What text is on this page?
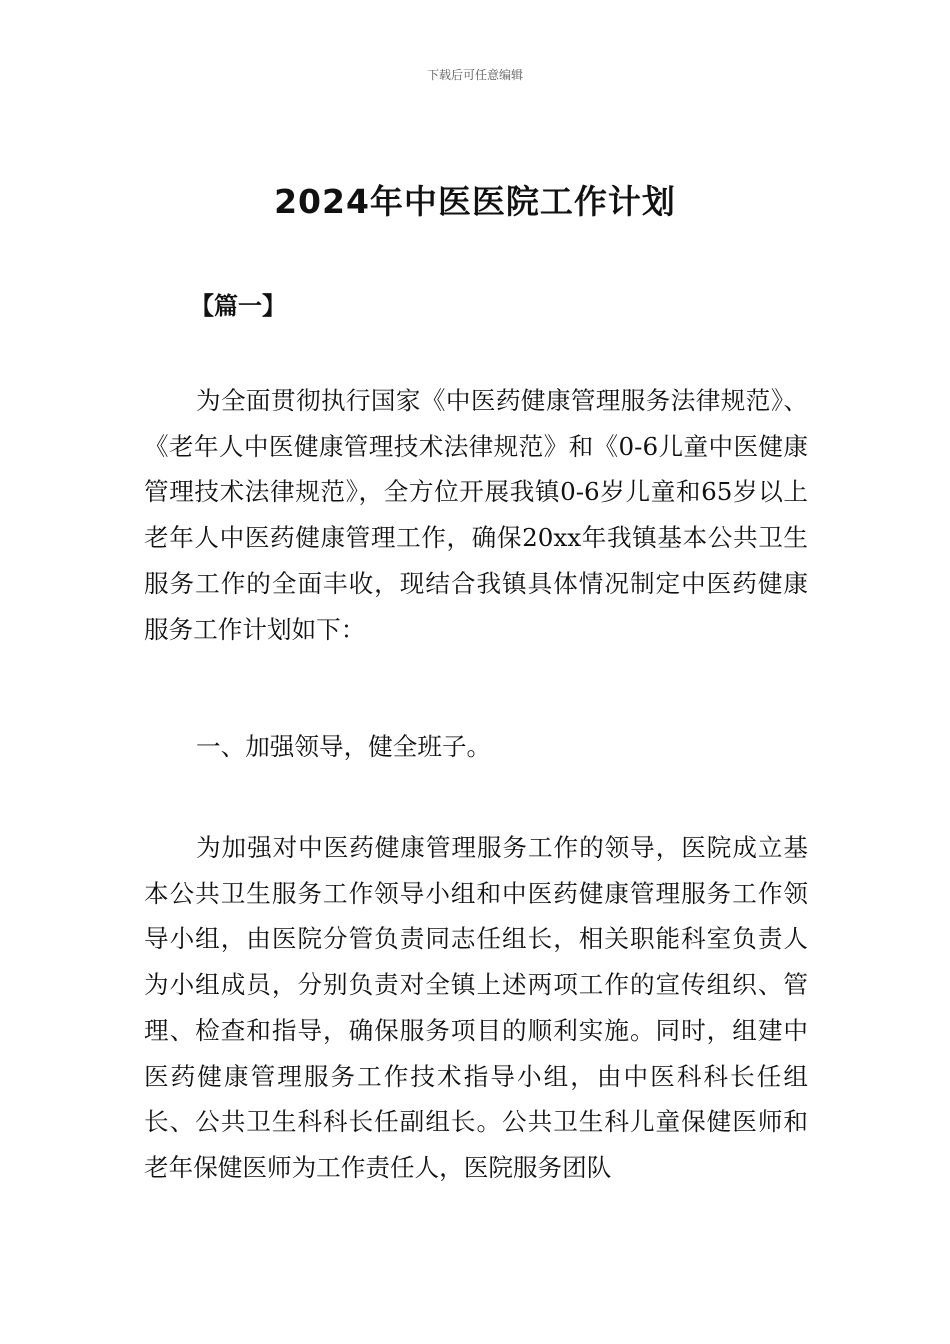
下载后可任意编辑
2024年中医医院工作计划
【篇一】

为全面贯彻执行国家《中医药健康管理服务法律规范》、《老年人中医健康管理技术法律规范》和《0-6儿童中医健康管理技术法律规范》，全方位开展我镇0-6岁儿童和65岁以上老年人中医药健康管理工作，确保20xx年我镇基本公共卫生服务工作的全面丰收，现结合我镇具体情况制定中医药健康服务工作计划如下：

一、加强领导，健全班子。

为加强对中医药健康管理服务工作的领导，医院成立基本公共卫生服务工作领导小组和中医药健康管理服务工作领导小组，由医院分管负责同志任组长，相关职能科室负责人为小组成员，分别负责对全镇上述两项工作的宣传组织、管理、检查和指导，确保服务项目的顺利实施。同时，组建中医药健康管理服务工作技术指导小组，由中医科科长任组长、公共卫生科科长任副组长。公共卫生科儿童保健医师和老年保健医师为工作责任人，医院服务团队
